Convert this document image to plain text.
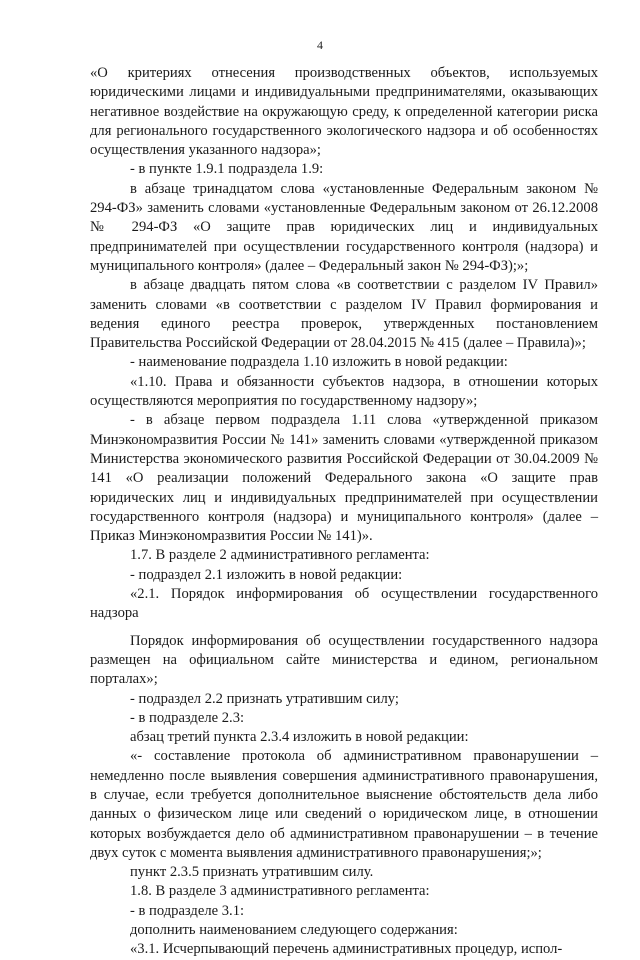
4

«О критериях отнесения производственных объектов, используемых юридическими лицами и индивидуальными предпринимателями, оказывающих негативное воздействие на окружающую среду, к определенной категории риска для регионального государственного экологического надзора и об особенностях осуществления указанного надзора»;

- в пункте 1.9.1 подраздела 1.9:

в абзаце тринадцатом слова «установленные Федеральным законом № 294-ФЗ» заменить словами «установленные Федеральным законом от 26.12.2008 № 294-ФЗ «О защите прав юридических лиц и индивидуальных предпринимателей при осуществлении государственного контроля (надзора) и муниципального контроля» (далее – Федеральный закон № 294-ФЗ);»;

в абзаце двадцать пятом слова «в соответствии с разделом IV Правил» заменить словами «в соответствии с разделом IV Правил формирования и ведения единого реестра проверок, утвержденных постановлением Правительства Российской Федерации от 28.04.2015 № 415 (далее – Правила)»;

- наименование подраздела 1.10 изложить в новой редакции:

«1.10. Права и обязанности субъектов надзора, в отношении которых осуществляются мероприятия по государственному надзору»;

- в абзаце первом подраздела 1.11 слова «утвержденной приказом Минэкономразвития России № 141» заменить словами «утвержденной приказом Министерства экономического развития Российской Федерации от 30.04.2009 № 141 «О реализации положений Федерального закона «О защите прав юридических лиц и индивидуальных предпринимателей при осуществлении государственного контроля (надзора) и муниципального контроля» (далее – Приказ Минэкономразвития России № 141)».

1.7. В разделе 2 административного регламента:

- подраздел 2.1 изложить в новой редакции:

«2.1. Порядок информирования об осуществлении государственного надзора

Порядок информирования об осуществлении государственного надзора размещен на официальном сайте министерства и едином, региональном порталах»;

- подраздел 2.2 признать утратившим силу;

- в подразделе 2.3:

абзац третий пункта 2.3.4 изложить в новой редакции:

«- составление протокола об административном правонарушении – немедленно после выявления совершения административного правонарушения, в случае, если требуется дополнительное выяснение обстоятельств дела либо данных о физическом лице или сведений о юридическом лице, в отношении которых возбуждается дело об административном правонарушении – в течение двух суток с момента выявления административного правонарушения;»;

пункт 2.3.5 признать утратившим силу.

1.8. В разделе 3 административного регламента:

- в подразделе 3.1:

дополнить наименованием следующего содержания:

«3.1. Исчерпывающий перечень административных процедур, испол-
